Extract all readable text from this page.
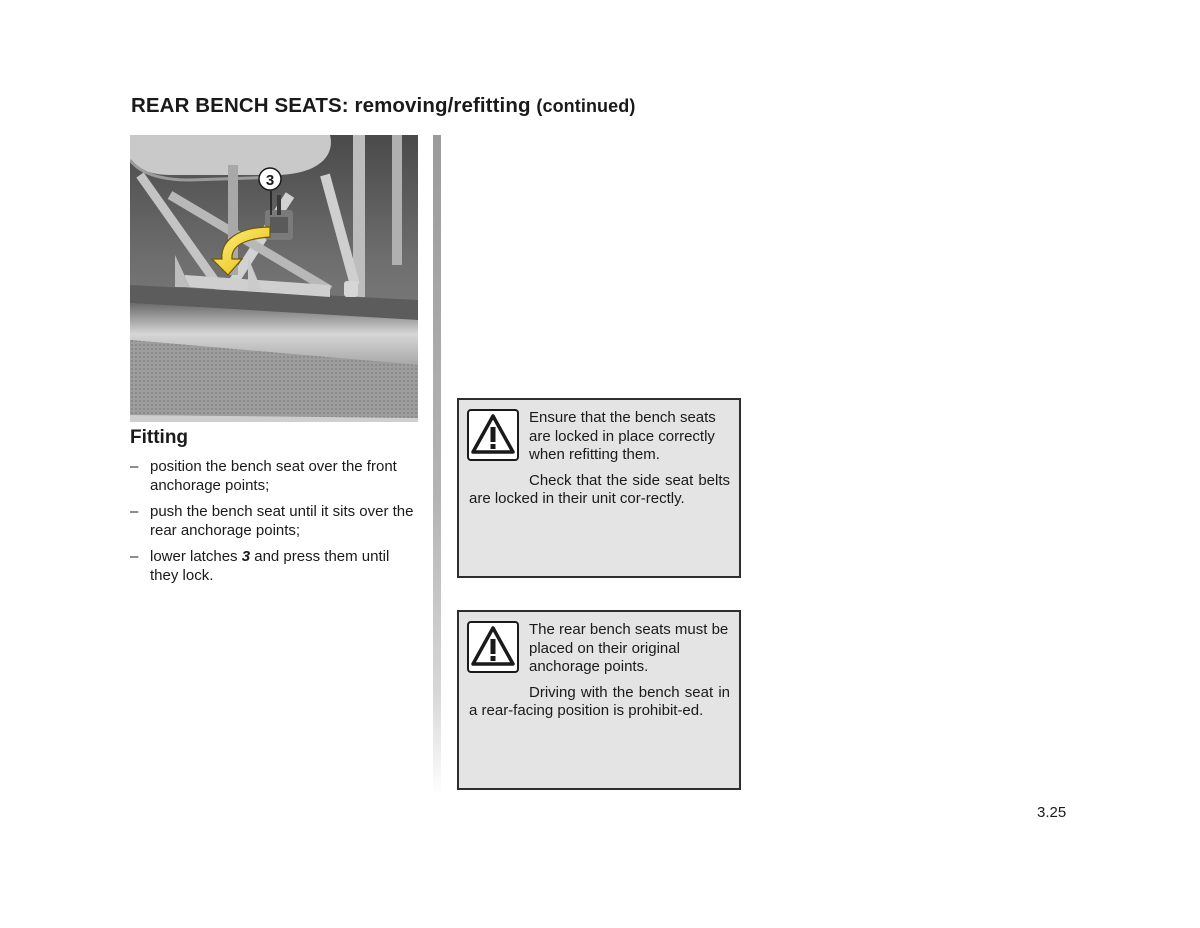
REAR BENCH SEATS: removing/refitting (continued)
3
Fitting
– position the bench seat over the front anchorage points;
– push the bench seat until it sits over the rear anchorage points;
– lower latches 3 and press them until they lock.

Ensure that the bench seats are locked in place correctly when refitting them.

Check that the side seat belts are locked in their unit cor-rectly.

The rear bench seats must be placed on their original anchorage points.

Driving with the bench seat in a rear-facing position is prohibit-ed.

3.25
